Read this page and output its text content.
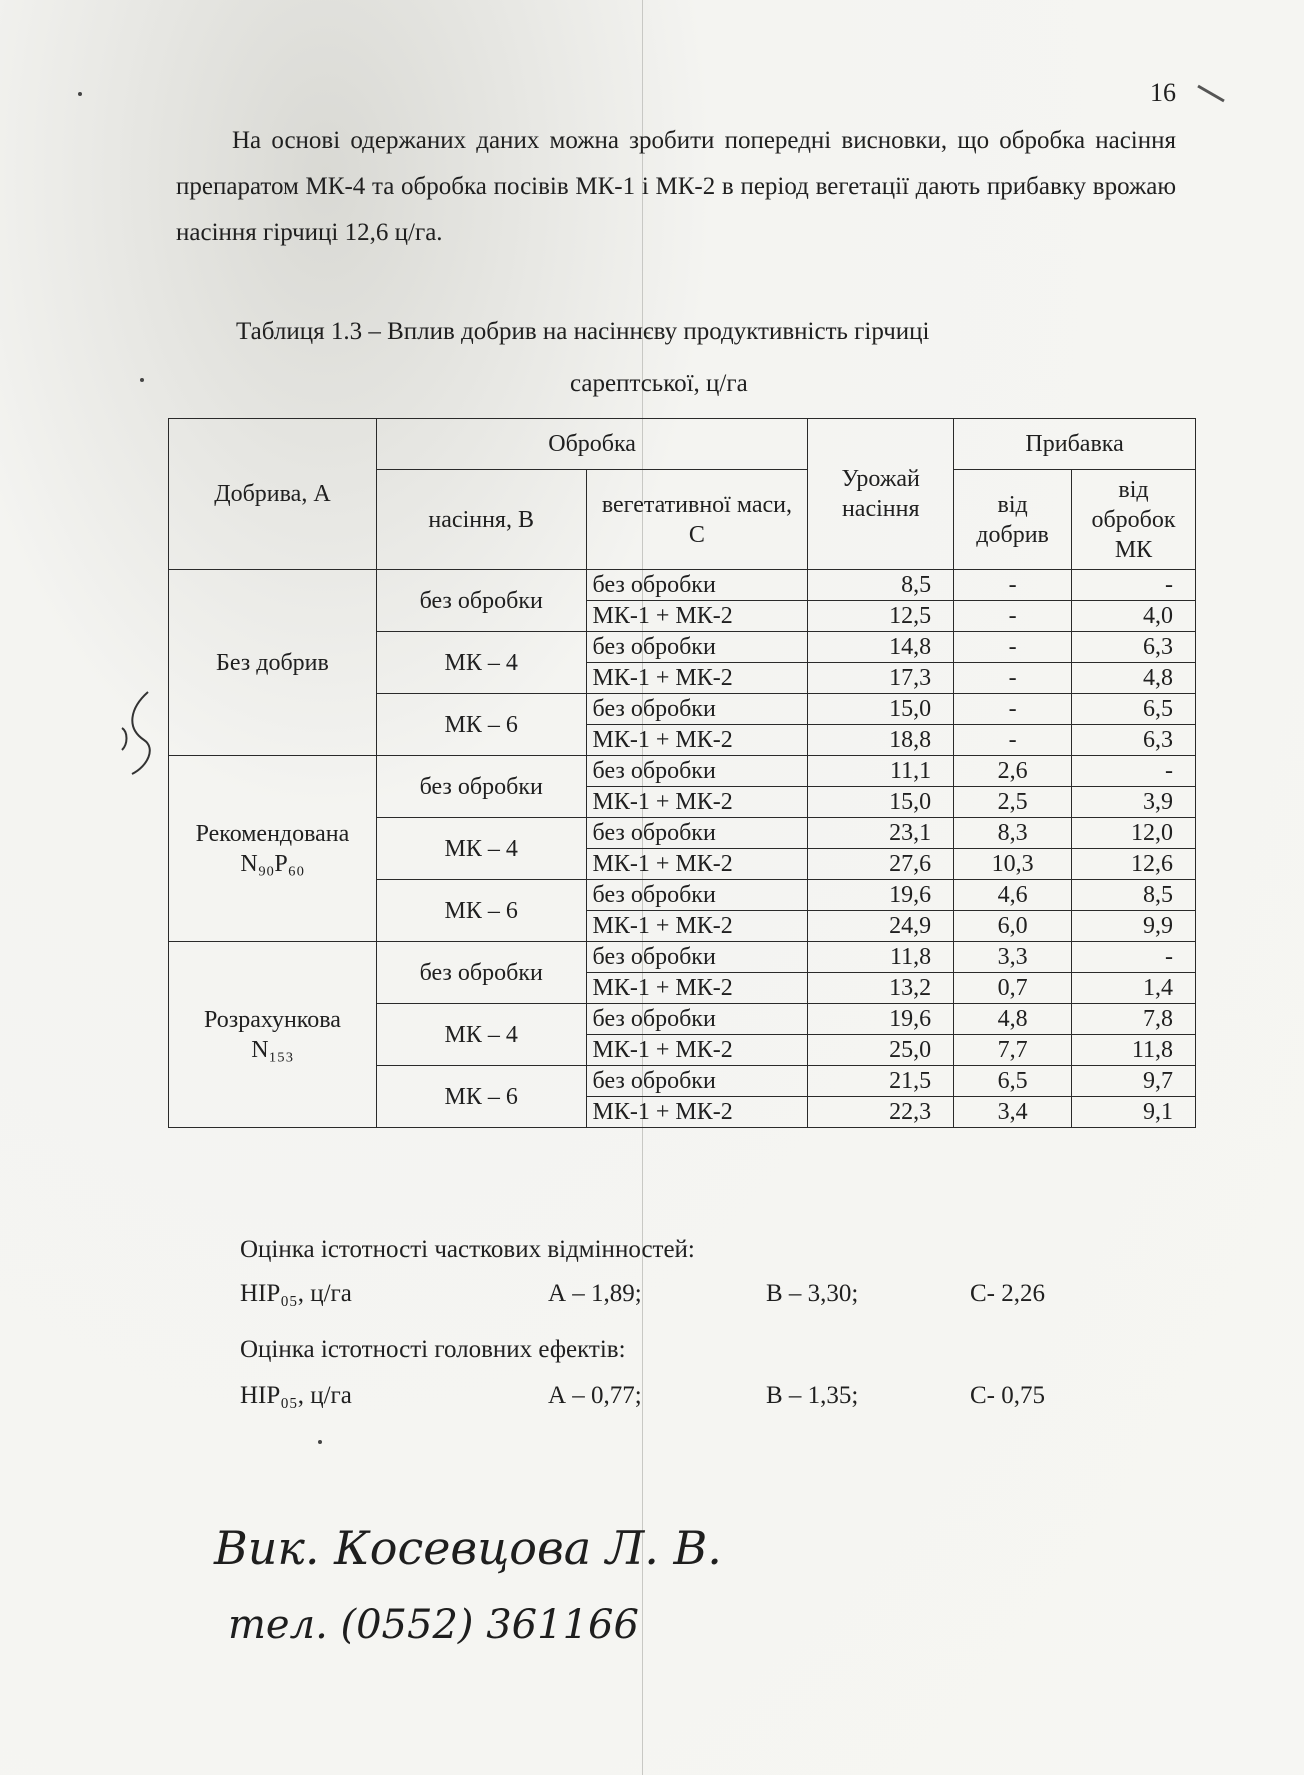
16
На основі одержаних даних можна зробити попередні висновки, що обробка насіння препаратом МК-4 та обробка посівів МК-1 і МК-2 в період вегетації дають прибавку врожаю насіння гірчиці 12,6 ц/га.
Таблиця 1.3 – Вплив добрив на насіннєву продуктивність гірчиці
сарептської, ц/га
Добрива, А	Обробка		Урожай насіння	Прибавка	
	насіння, В	вегетативної маси, С		від добрив	від обробок МК

Без добрив	без обробки	без обробки	8,5	-	-
		МК-1 + МК-2	12,5	-	4,0
	МК – 4	без обробки	14,8	-	6,3
		МК-1 + МК-2	17,3	-	4,8
	МК – 6	без обробки	15,0	-	6,5
		МК-1 + МК-2	18,8	-	6,3

Рекомендована
N₉₀P₆₀	без обробки	без обробки	11,1	2,6	-
		МК-1 + МК-2	15,0	2,5	3,9
	МК – 4	без обробки	23,1	8,3	12,0
		МК-1 + МК-2	27,6	10,3	12,6
	МК – 6	без обробки	19,6	4,6	8,5
		МК-1 + МК-2	24,9	6,0	9,9

Розрахункова
N₁₅₃	без обробки	без обробки	11,8	3,3	-
		МК-1 + МК-2	13,2	0,7	1,4
	МК – 4	без обробки	19,6	4,8	7,8
		МК-1 + МК-2	25,0	7,7	11,8
	МК – 6	без обробки	21,5	6,5	9,7
		МК-1 + МК-2	22,3	3,4	9,1
Оцінка істотності часткових відмінностей:
НІР₀₅, ц/га	А – 1,89;	В – 3,30;	С- 2,26
Оцінка істотності головних ефектів:
НІР₀₅, ц/га	А – 0,77;	В – 1,35;	С- 0,75
Вик. Косевцова Л. В.
тел. (0552) 361166
